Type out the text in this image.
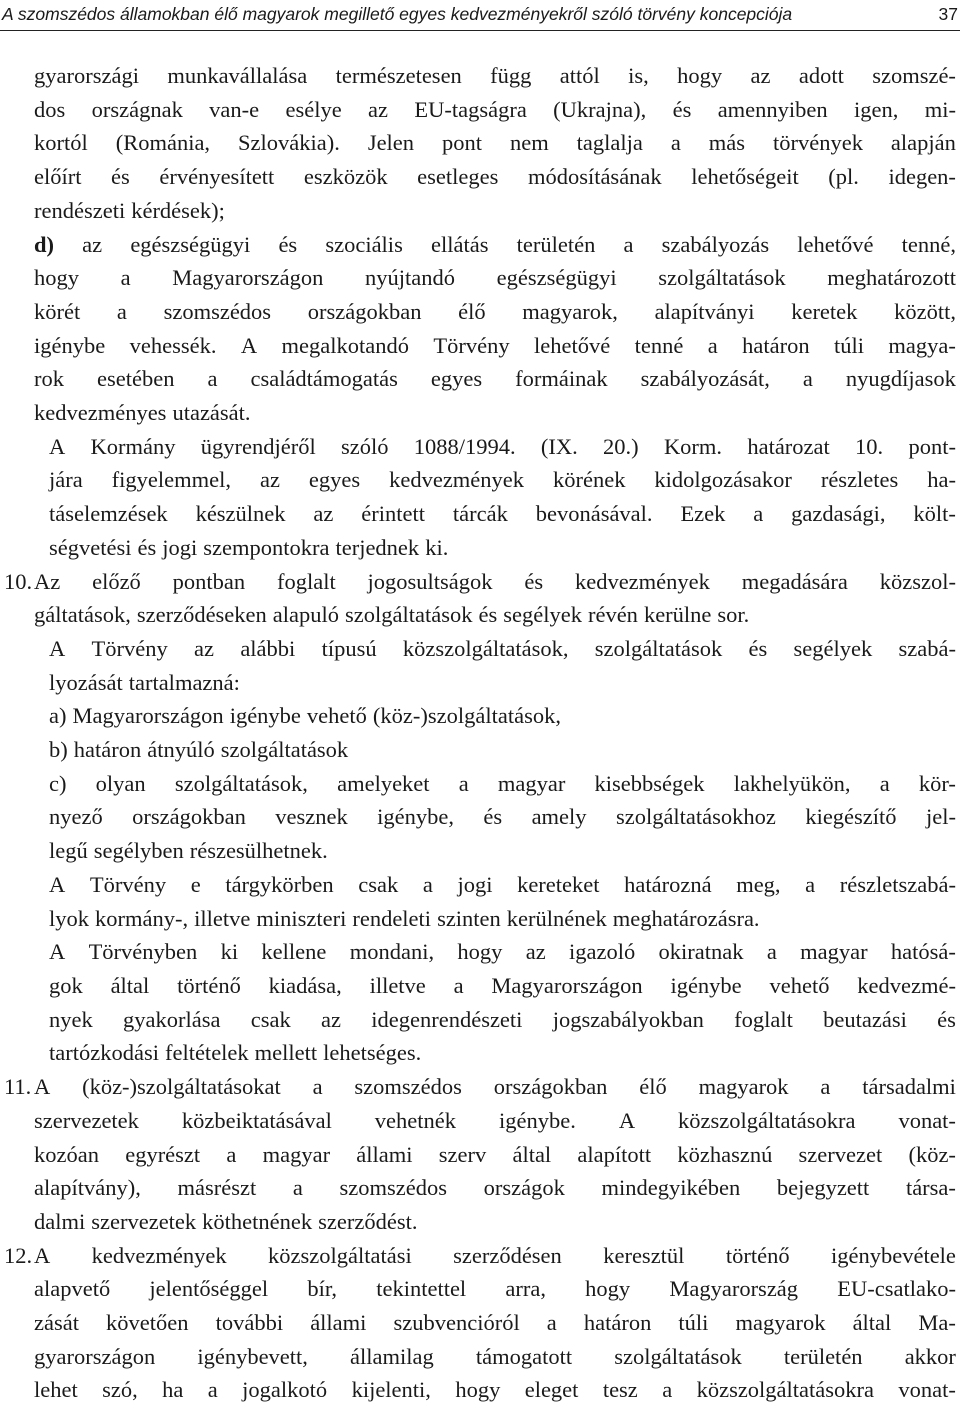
A szomszédos államokban élő magyarok megillető egyes kedvezményekről szóló törvény koncepciója	37
gyarországi munkavállalása természetesen függ attól is, hogy az adott szomszé-
dos országnak van-e esélye az EU-tagságra (Ukrajna), és amennyiben igen, mi-
kortól (Románia, Szlovákia). Jelen pont nem taglalja a más törvények alapján
előírt és érvényesített eszközök esetleges módosításának lehetőségeit (pl. idegen-
rendészeti kérdések);
d) az egészségügyi és szociális ellátás területén a szabályozás lehetővé tenné,
hogy a Magyarországon nyújtandó egészségügyi szolgáltatások meghatározott
körét a szomszédos országokban élő magyarok, alapítványi keretek között,
igénybe vehessék. A megalkotandó Törvény lehetővé tenné a határon túli magya-
rok esetében a családtámogatás egyes formáinak szabályozását, a nyugdíjasok
kedvezményes utazását.
A Kormány ügyrendjéről szóló 1088/1994. (IX. 20.) Korm. határozat 10. pont-
jára figyelemmel, az egyes kedvezmények körének kidolgozásakor részletes ha-
táselemzések készülnek az érintett tárcák bevonásával. Ezek a gazdasági, költ-
ségvetési és jogi szempontokra terjednek ki.
10. Az előző pontban foglalt jogosultságok és kedvezmények megadására közszol-
gáltatások, szerződéseken alapuló szolgáltatások és segélyek révén kerülne sor.
A Törvény az alábbi típusú közszolgáltatások, szolgáltatások és segélyek szabá-
lyozását tartalmazná:
a) Magyarországon igénybe vehető (köz-)szolgáltatások,
b) határon átnyúló szolgáltatások
c) olyan szolgáltatások, amelyeket a magyar kisebbségek lakhelyükön, a kör-
nyező országokban vesznek igénybe, és amely szolgáltatásokhoz kiegészítő jel-
legű segélyben részesülhetnek.
A Törvény e tárgykörben csak a jogi kereteket határozná meg, a részletszabá-
lyok kormány-, illetve miniszteri rendeleti szinten kerülnének meghatározásra.
A Törvényben ki kellene mondani, hogy az igazoló okiratnak a magyar hatósá-
gok által történő kiadása, illetve a Magyarországon igénybe vehető kedvezmé-
nyek gyakorlása csak az idegenrendészeti jogszabályokban foglalt beutazási és
tartózkodási feltételek mellett lehetséges.
11. A (köz-)szolgáltatásokat a szomszédos országokban élő magyarok a társadalmi
szervezetek közbeiktatásával vehetnék igénybe. A közszolgáltatásokra vonat-
kozóan egyrészt a magyar állami szerv által alapított közhasznú szervezet (köz-
alapítvány), másrészt a szomszédos országok mindegyikében bejegyzett társa-
dalmi szervezetek köthetnének szerződést.
12. A kedvezmények közszolgáltatási szerződésen keresztül történő igénybevétele
alapvető jelentőséggel bír, tekintettel arra, hogy Magyarország EU-csatlako-
zását követően további állami szubvencióról a határon túli magyarok által Ma-
gyarországon igénybevett, államilag támogatott szolgáltatások területén akkor
lehet szó, ha a jogalkotó kijelenti, hogy eleget tesz a közszolgáltatásokra vonat-
